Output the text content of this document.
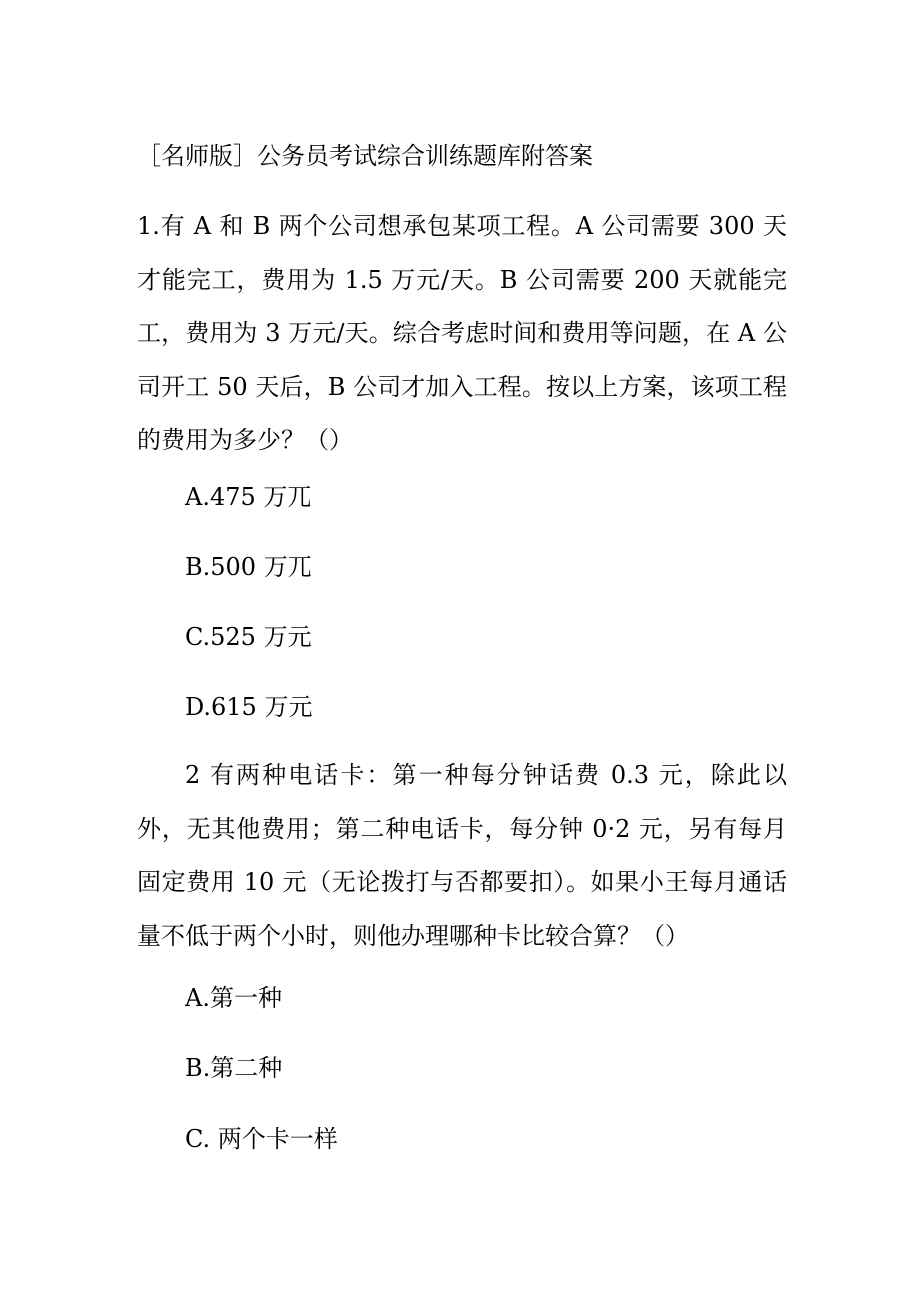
［名师版］公务员考试综合训练题库附答案
1.有 A 和 B 两个公司想承包某项工程。A 公司需要 300 天才能完工，费用为 1.5 万元/天。B 公司需要 200 天就能完工，费用为 3 万元/天。综合考虑时间和费用等问题，在 A 公司开工 50 天后，B 公司才加入工程。按以上方案，该项工程的费用为多少？（）
A.475 万兀
B.500 万兀
C.525 万元
D.615 万元
2 有两种电话卡：第一种每分钟话费 0.3 元，除此以外，无其他费用；第二种电话卡，每分钟 0·2 元，另有每月固定费用 10 元（无论拨打与否都要扣）。如果小王每月通话量不低于两个小时，则他办理哪种卡比较合算？（）
A.第一种
B.第二种
C. 两个卡一样
